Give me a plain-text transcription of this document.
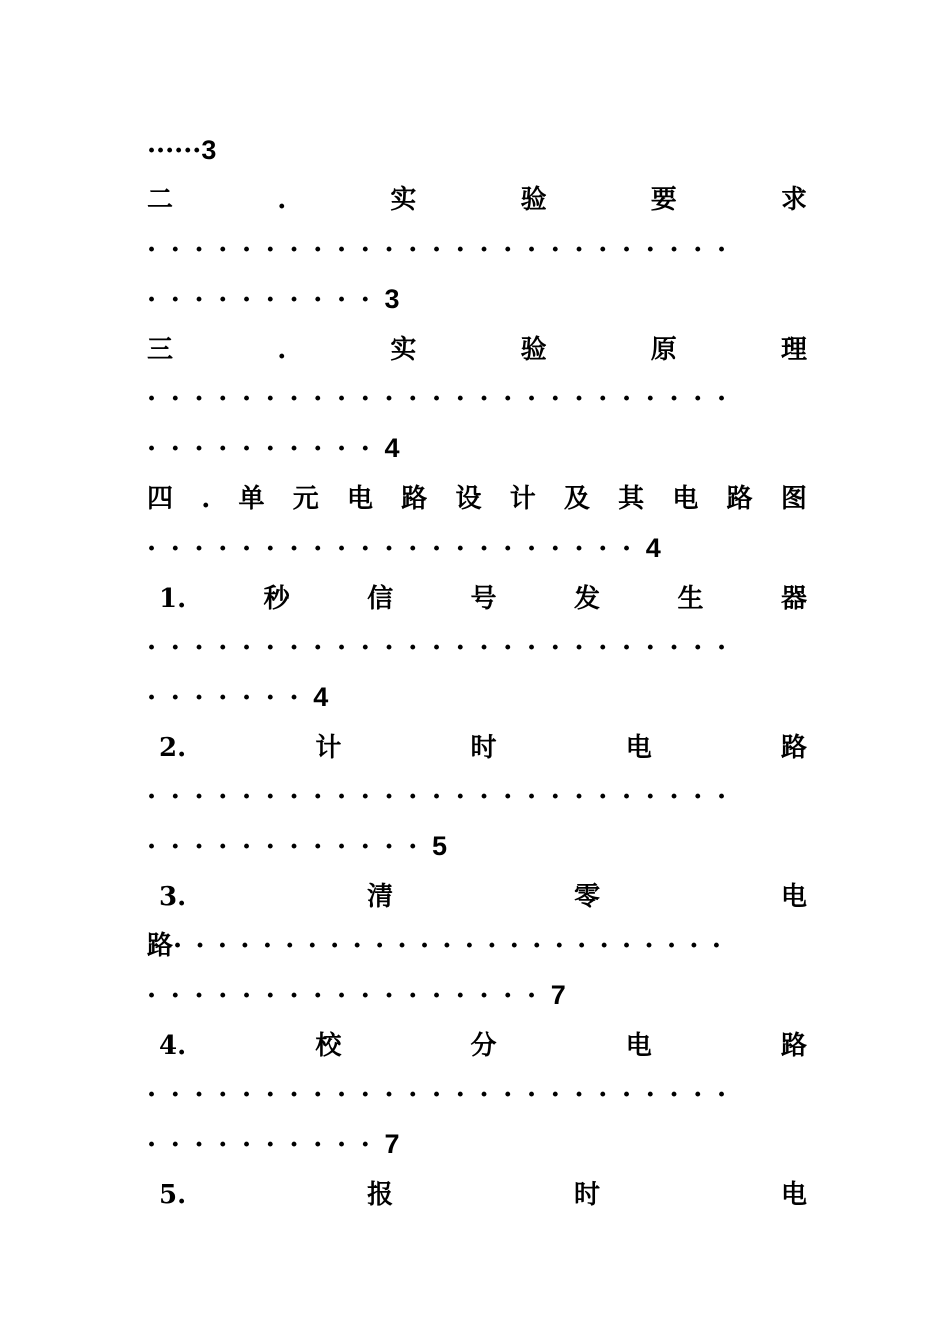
······3
二	.	实	验	要	求
·························
··········3
三	.	实	验	原	理
·························
··········4
四 . 单 元 电 路 设 计 及 其 电 路 图
·····················4
1.	秒	信	号	发	生	器
·························
·······4
2.	计	时	电	路
·························
············5
3.	清	零	电
路·························
·················7
4.	校	分	电	路
·························
··········7
5.	报	时	电
